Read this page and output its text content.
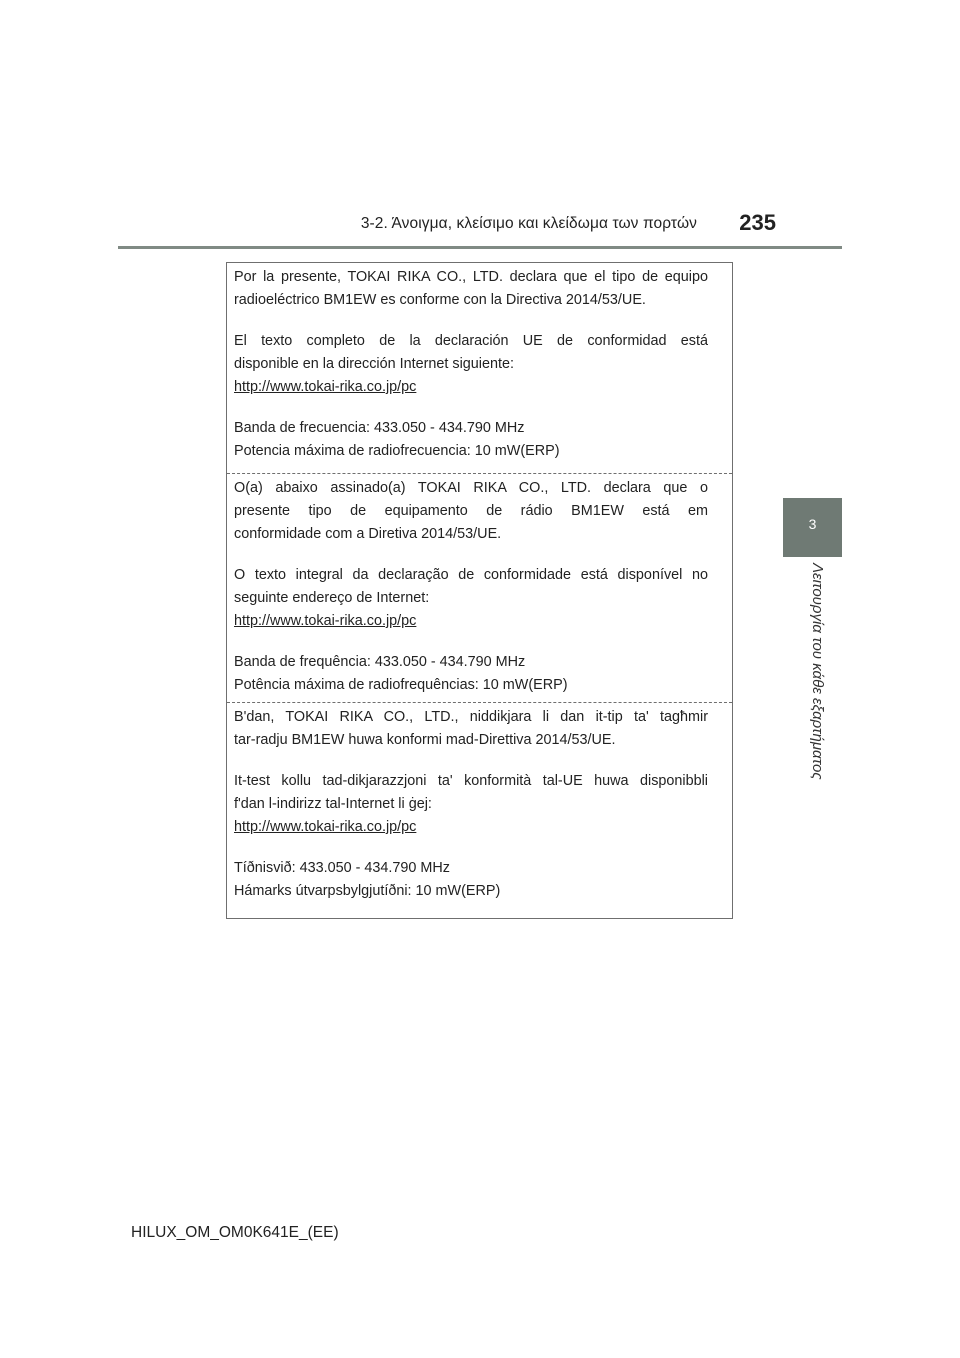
3-2. Άνοιγμα, κλείσιμο και κλείδωμα των πορτών 235
3
Λειτουργία του κάθε εξαρτήματος

Por la presente, TOKAI RIKA CO., LTD. declara que el tipo de equipo

radioeléctrico BM1EW es conforme con la Directiva 2014/53/UE.

El texto completo de la declaración UE de conformidad está

disponible en la dirección Internet siguiente:

http://www.tokai-rika.co.jp/pc

Banda de frecuencia: 433.050 - 434.790 MHz

Potencia máxima de radiofrecuencia: 10 mW(ERP)

O(a) abaixo assinado(a) TOKAI RIKA CO., LTD. declara que o

presente tipo de equipamento de rádio BM1EW está em

conformidade com a Diretiva 2014/53/UE.

O texto integral da declaração de conformidade está disponível no

seguinte endereço de Internet:

http://www.tokai-rika.co.jp/pc

Banda de frequência: 433.050 - 434.790 MHz

Potência máxima de radiofrequências: 10 mW(ERP)

B'dan, TOKAI RIKA CO., LTD., niddikjara li dan it-tip ta' tagħmir

tar-radju BM1EW huwa konformi mad-Direttiva 2014/53/UE.

It-test kollu tad-dikjarazzjoni ta' konformità tal-UE huwa disponibbli

f'dan l-indirizz tal-Internet li ġej:

http://www.tokai-rika.co.jp/pc

Tíðnisvið: 433.050 - 434.790 MHz

Hámarks útvarpsbylgjutíðni: 10 mW(ERP)

HILUX_OM_OM0K641E_(EE)
